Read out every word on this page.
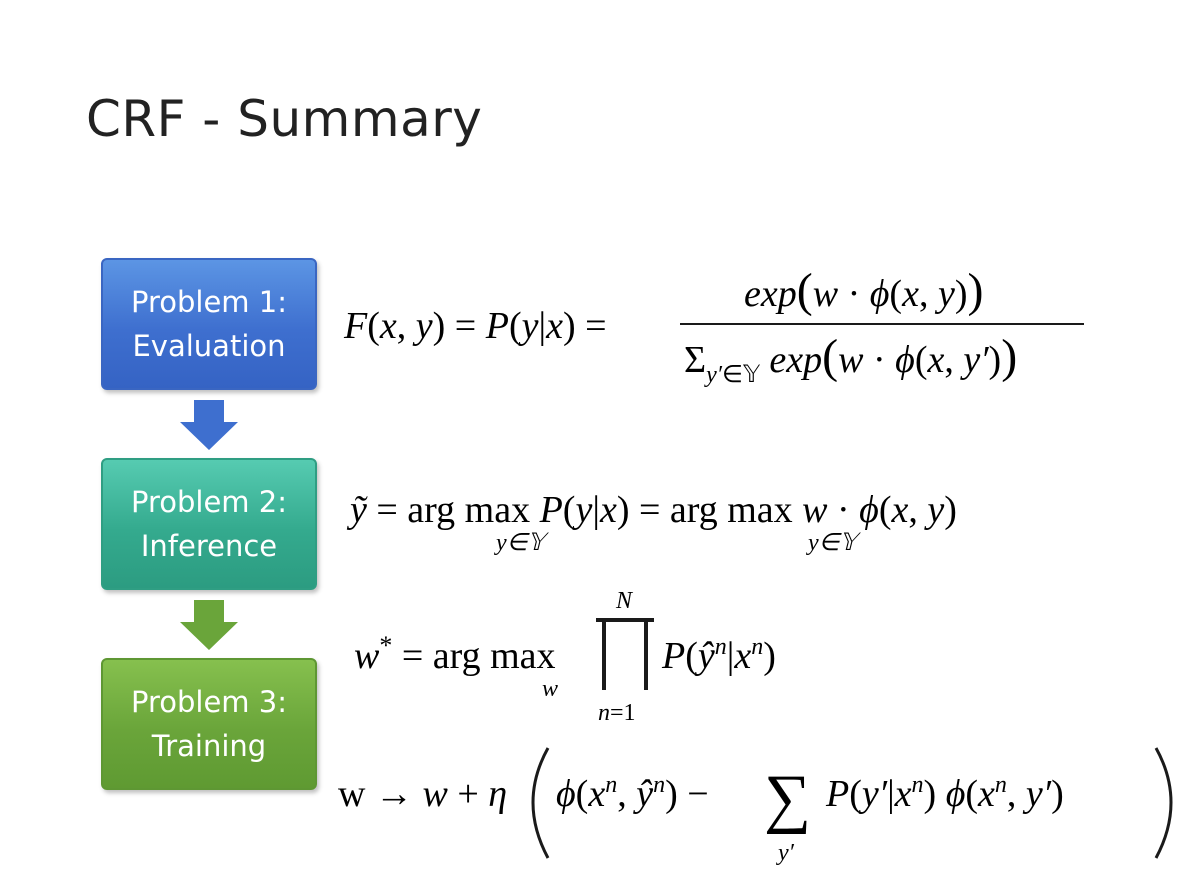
CRF - Summary
Problem 1:
Evaluation
Problem 2:
Inference
Problem 3:
Training
F(x, y) = P(y|x) =
exp(w · ϕ(x, y))
$\Sigma_{y'}\in 𝕐$ exp(w · ϕ(x, y′))
ỹ = arg max P(y|x) = arg max w · ϕ(x, y)
y∈𝕐	y∈𝕐
w* = arg max
w
N
n=1
$P(ŷ^n|x^n)$
w → w + η $\phi(x^n$, $ŷ^n$) − ∑
y′
$P(y'|x^n)$ $\phi(x^n$, y′)
